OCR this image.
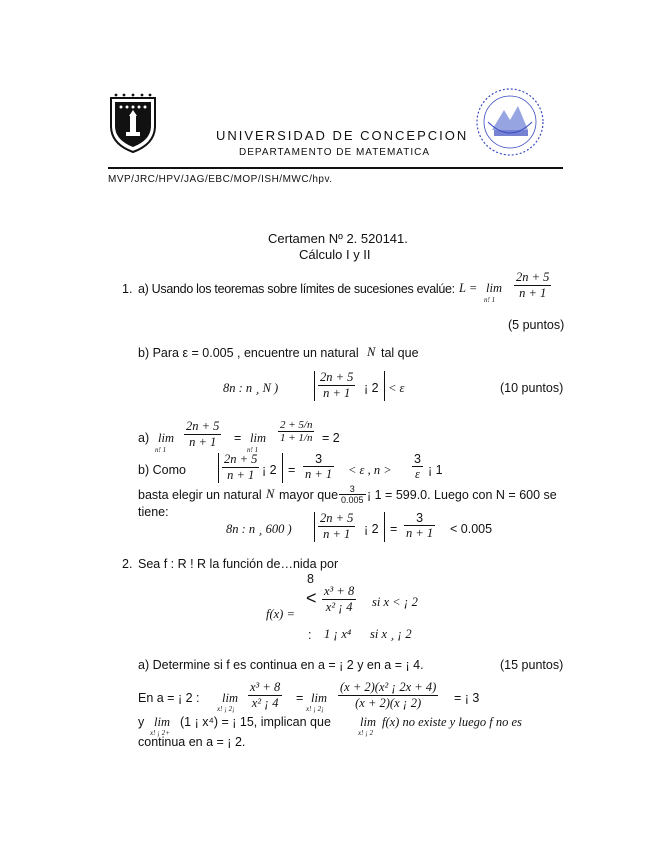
UNIVERSIDAD DE CONCEPCION
DEPARTAMENTO DE MATEMATICA
MVP/JRC/HPV/JAG/EBC/MOP/ISH/MWC/hpv.
Certamen Nº 2. 520141.
Cálculo I y II
1. a) Usando los teoremas sobre límites de sucesiones evalúe: L = lim
n! $1 \frac{2n + 5}{n + 1}$
(5 puntos)
b) Para ε = 0.005 , encuentre un natural N tal que
8n : n ¸ N )	$\frac{2n + 5}{n + 1}$ ¡ 2 < ε	(10 puntos)
a) lim
n! $1 \frac{2n + 5}{n + 1} = \lim$
n! 1
$\frac{2 + 5/n}{1 + 1/n} = 2$
b) Como	$\frac{2n + 5}{n + 1}$ ¡ $2 = \frac{3}{n + 1} < \varepsilon$ , $n > \frac{3}{\varepsilon}$ ¡ 1
basta elegir un natural N mayor que $\frac{3}{0.005}$ ¡ 1 = 599.0. Luego con N = 600 se
tiene:
8n : n ¸ 600 ) $\frac{2n + 5}{n + 1}$ ¡ $2 = \frac{3}{n + 1} < 0.005$
2. Sea f : R ! R la función de…nida por
f(x) =
8
<
:
$\frac{\text{x³ + 8}}{\text{x² ¡ 4}}$ si x < ¡ 2
1 ¡ x⁴ si x ¸ ¡ 2
a) Determine si f es continua en a = ¡ 2 y en a = ¡ 4.	(15 puntos)
En a = ¡ 2 : lim
x! ¡ 2¡ $\frac{\text{x³ + 8}}{\text{x² ¡ 4}} = \lim$
x! ¡ 2¡ $\frac{\text{(x + 2)(x² ¡ 2x + 4)}}{(x + 2)(x ¡ 2)}$ = ¡ 3
y lim
x! ¡ 2+
(1 ¡ x⁴) = ¡ 15, implican que lim
x! ¡ 2
f(x) no existe y luego f no es
continua en a = ¡ 2.
